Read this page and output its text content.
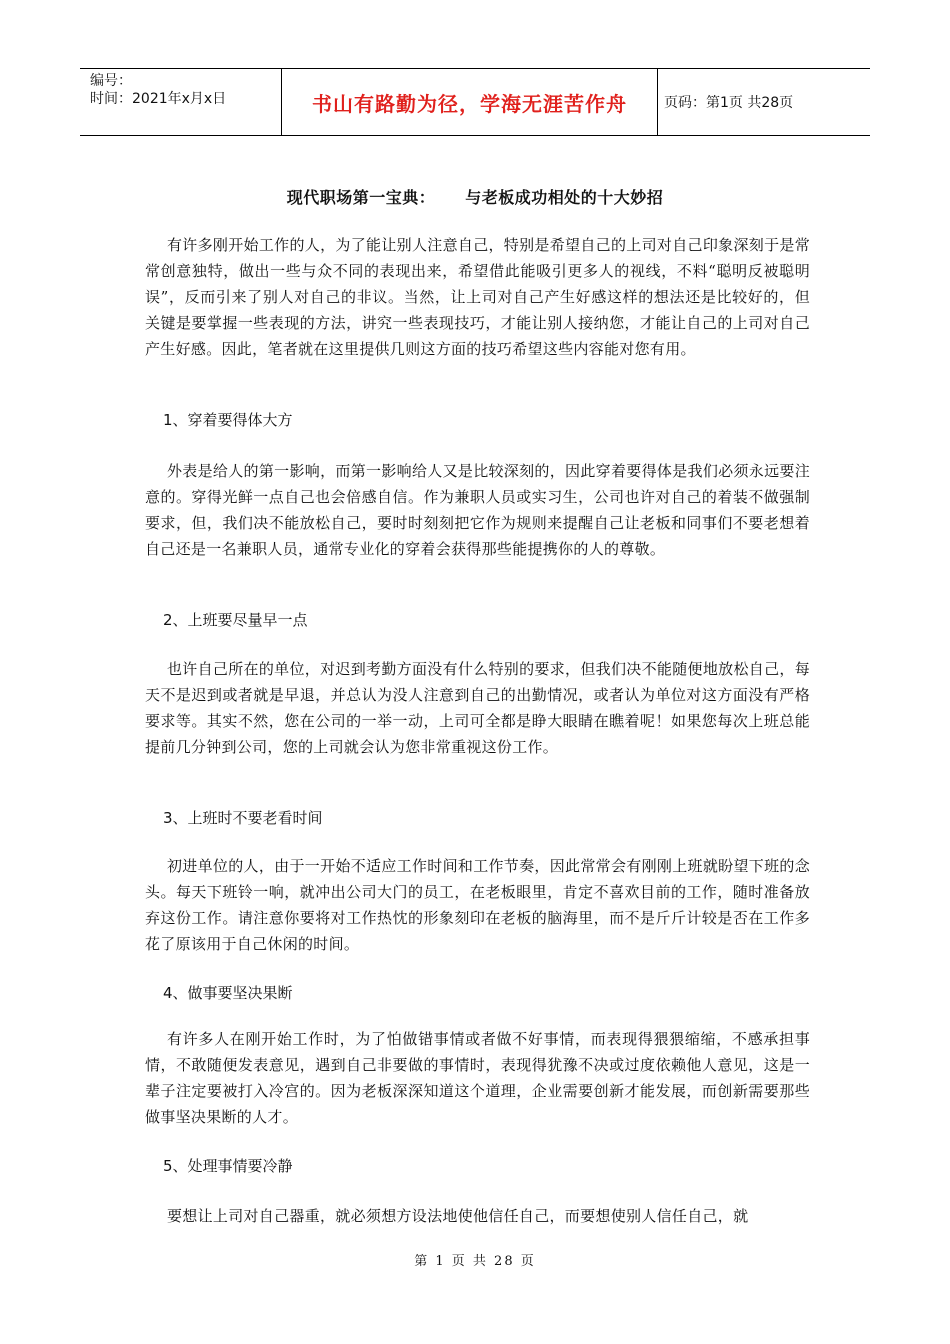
编号：
时间：2021年x月x日	书山有路勤为径，学海无涯苦作舟	页码：第1页 共28页
现代职场第一宝典： 与老板成功相处的十大妙招

有许多刚开始工作的人，为了能让别人注意自己，特别是希望自己的上司对自己印象深刻于是常常创意独特，做出一些与众不同的表现出来，希望借此能吸引更多人的视线，不料“聪明反被聪明误”，反而引来了别人对自己的非议。当然，让上司对自己产生好感这样的想法还是比较好的，但关键是要掌握一些表现的方法，讲究一些表现技巧，才能让别人接纳您，才能让自己的上司对自己产生好感。因此，笔者就在这里提供几则这方面的技巧希望这些内容能对您有用。

1、穿着要得体大方

外表是给人的第一影响，而第一影响给人又是比较深刻的，因此穿着要得体是我们必须永远要注意的。穿得光鲜一点自己也会倍感自信。作为兼职人员或实习生，公司也许对自己的着装不做强制要求，但，我们决不能放松自己，要时时刻刻把它作为规则来提醒自己让老板和同事们不要老想着自己还是一名兼职人员，通常专业化的穿着会获得那些能提携你的人的尊敬。

2、上班要尽量早一点

也许自己所在的单位，对迟到考勤方面没有什么特别的要求，但我们决不能随便地放松自己，每天不是迟到或者就是早退，并总认为没人注意到自己的出勤情况，或者认为单位对这方面没有严格要求等。其实不然，您在公司的一举一动，上司可全都是睁大眼睛在瞧着呢！如果您每次上班总能提前几分钟到公司，您的上司就会认为您非常重视这份工作。

3、上班时不要老看时间

初进单位的人，由于一开始不适应工作时间和工作节奏，因此常常会有刚刚上班就盼望下班的念头。每天下班铃一响，就冲出公司大门的员工，在老板眼里，肯定不喜欢目前的工作，随时准备放弃这份工作。请注意你要将对工作热忱的形象刻印在老板的脑海里，而不是斤斤计较是否在工作多花了原该用于自己休闲的时间。

4、做事要坚决果断

有许多人在刚开始工作时，为了怕做错事情或者做不好事情，而表现得猥猥缩缩，不感承担事情，不敢随便发表意见，遇到自己非要做的事情时，表现得犹豫不决或过度依赖他人意见，这是一辈子注定要被打入冷宫的。因为老板深深知道这个道理，企业需要创新才能发展，而创新需要那些做事坚决果断的人才。

5、处理事情要冷静

要想让上司对自己器重，就必须想方设法地使他信任自己，而要想使别人信任自己，就

第 1 页 共 28 页
